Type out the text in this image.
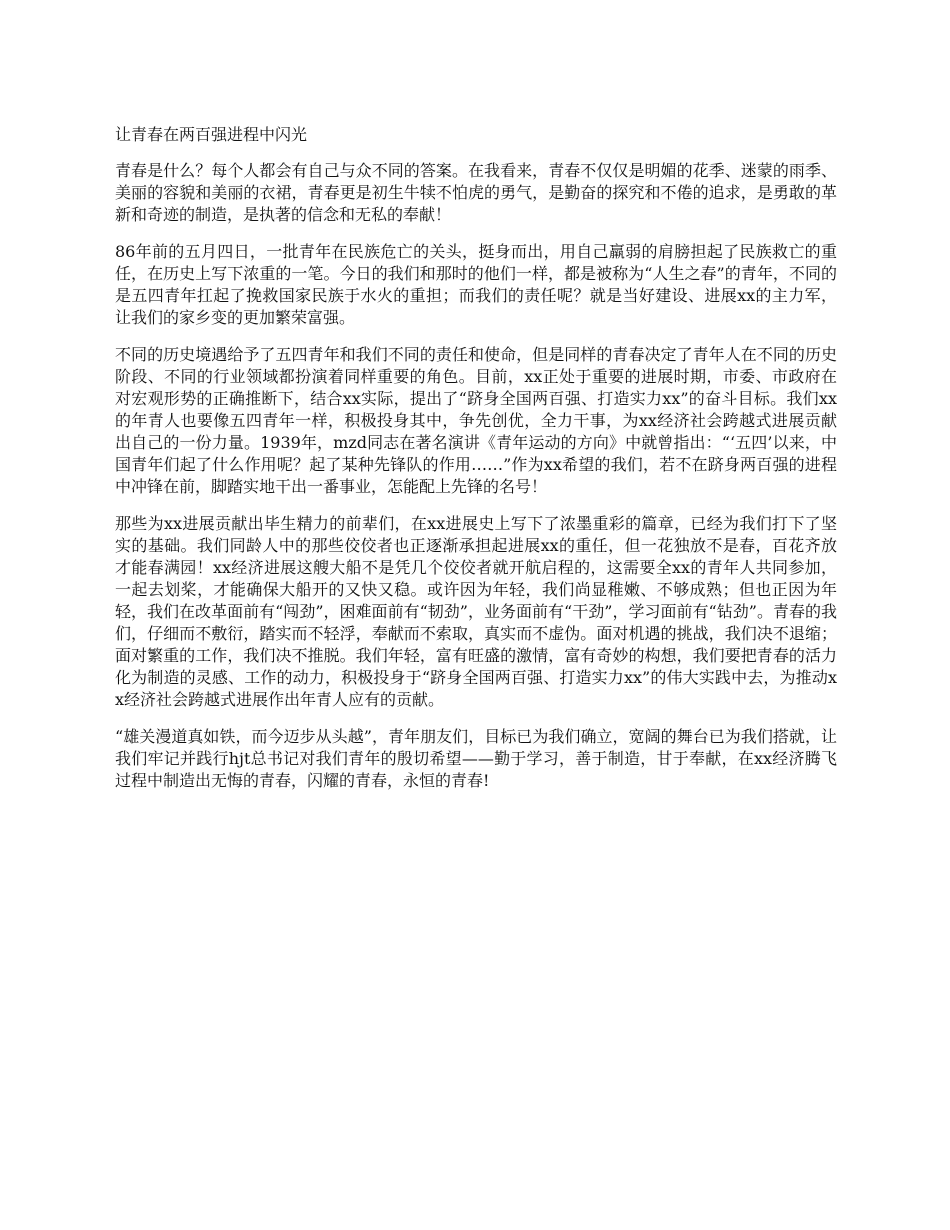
让青春在两百强进程中闪光

青春是什么？每个人都会有自己与众不同的答案。在我看来，青春不仅仅是明媚的花季、迷蒙的雨季、美丽的容貌和美丽的衣裙，青春更是初生牛犊不怕虎的勇气，是勤奋的探究和不倦的追求，是勇敢的革新和奇迹的制造，是执著的信念和无私的奉献！

86年前的五月四日，一批青年在民族危亡的关头，挺身而出，用自己羸弱的肩膀担起了民族救亡的重任，在历史上写下浓重的一笔。今日的我们和那时的他们一样，都是被称为“人生之春”的青年，不同的是五四青年扛起了挽救国家民族于水火的重担；而我们的责任呢？就是当好建设、进展xx的主力军，让我们的家乡变的更加繁荣富强。

不同的历史境遇给予了五四青年和我们不同的责任和使命，但是同样的青春决定了青年人在不同的历史阶段、不同的行业领域都扮演着同样重要的角色。目前，xx正处于重要的进展时期，市委、市政府在对宏观形势的正确推断下，结合xx实际，提出了“跻身全国两百强、打造实力xx”的奋斗目标。我们xx的年青人也要像五四青年一样，积极投身其中，争先创优，全力干事，为xx经济社会跨越式进展贡献出自己的一份力量。1939年，mzd同志在著名演讲《青年运动的方向》中就曾指出：“‘五四’以来，中国青年们起了什么作用呢？起了某种先锋队的作用……”作为xx希望的我们，若不在跻身两百强的进程中冲锋在前，脚踏实地干出一番事业，怎能配上先锋的名号！

那些为xx进展贡献出毕生精力的前辈们，在xx进展史上写下了浓墨重彩的篇章，已经为我们打下了坚实的基础。我们同龄人中的那些佼佼者也正逐渐承担起进展xx的重任，但一花独放不是春，百花齐放才能春满园！xx经济进展这艘大船不是凭几个佼佼者就开航启程的，这需要全xx的青年人共同参加，一起去划桨，才能确保大船开的又快又稳。或许因为年轻，我们尚显稚嫩、不够成熟；但也正因为年轻，我们在改革面前有“闯劲”，困难面前有“韧劲”，业务面前有“干劲”，学习面前有“钻劲”。青春的我们，仔细而不敷衍，踏实而不轻浮，奉献而不索取，真实而不虚伪。面对机遇的挑战，我们决不退缩；面对繁重的工作，我们决不推脱。我们年轻，富有旺盛的激情，富有奇妙的构想，我们要把青春的活力化为制造的灵感、工作的动力，积极投身于“跻身全国两百强、打造实力xx”的伟大实践中去，为推动xx经济社会跨越式进展作出年青人应有的贡献。

“雄关漫道真如铁，而今迈步从头越”，青年朋友们，目标已为我们确立，宽阔的舞台已为我们搭就，让我们牢记并践行hjt总书记对我们青年的殷切希望——勤于学习，善于制造，甘于奉献，在xx经济腾飞过程中制造出无悔的青春，闪耀的青春，永恒的青春!
